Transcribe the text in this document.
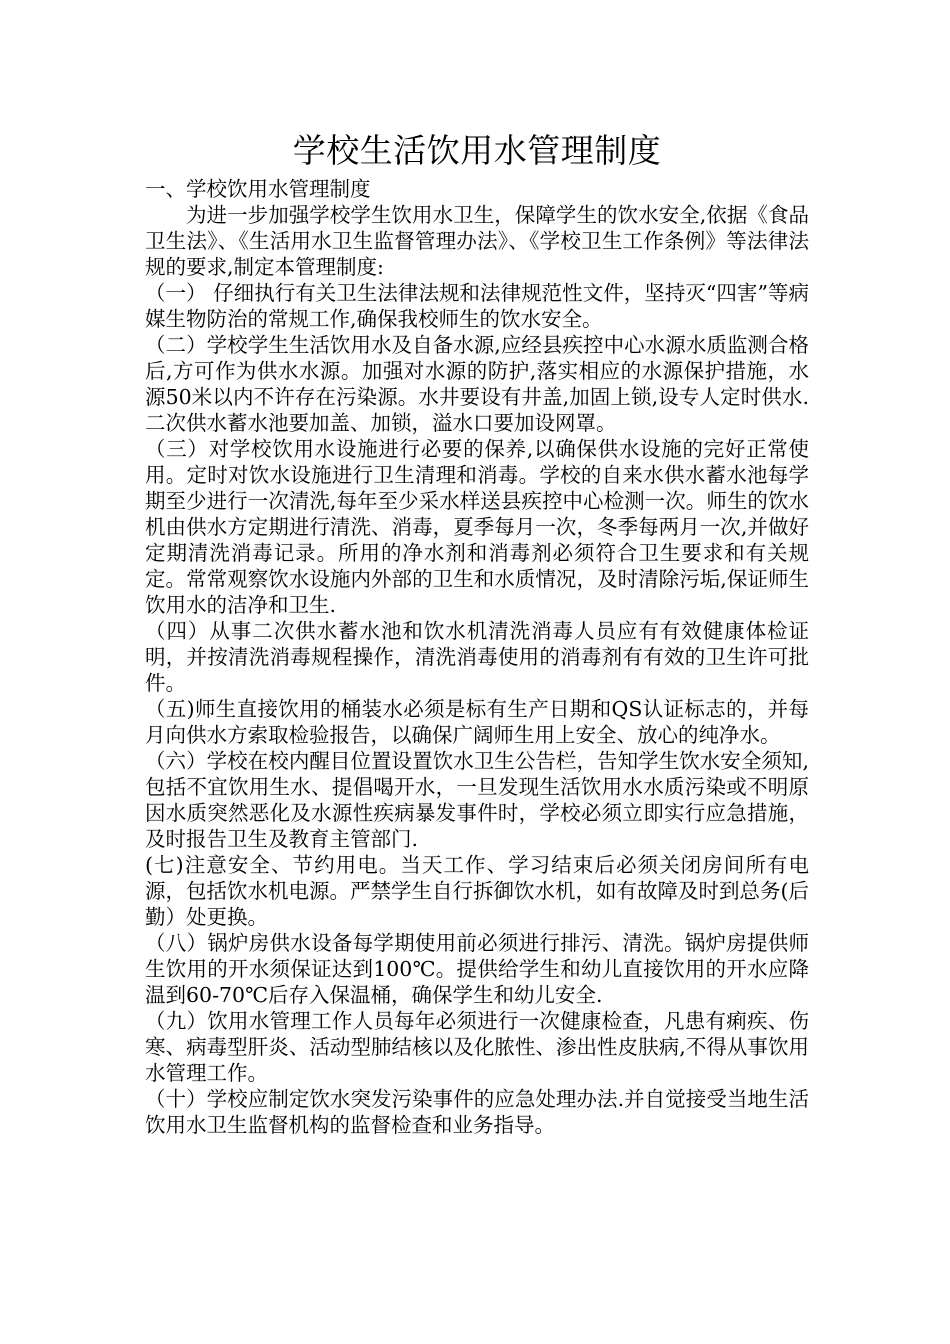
学校生活饮用水管理制度

一、学校饮用水管理制度

为进一步加强学校学生饮用水卫生，保障学生的饮水安全,依据《食品卫生法》、《生活用水卫生监督管理办法》、《学校卫生工作条例》等法律法规的要求,制定本管理制度:

（一） 仔细执行有关卫生法律法规和法律规范性文件，坚持灭“四害”等病媒生物防治的常规工作,确保我校师生的饮水安全。

（二）学校学生生活饮用水及自备水源,应经县疾控中心水源水质监测合格后,方可作为供水水源。加强对水源的防护,落实相应的水源保护措施，水源50米以内不许存在污染源。水井要设有井盖,加固上锁,设专人定时供水.二次供水蓄水池要加盖、加锁，溢水口要加设网罩。

（三）对学校饮用水设施进行必要的保养,以确保供水设施的完好正常使用。定时对饮水设施进行卫生清理和消毒。学校的自来水供水蓄水池每学期至少进行一次清洗,每年至少采水样送县疾控中心检测一次。师生的饮水机由供水方定期进行清洗、消毒，夏季每月一次，冬季每两月一次,并做好定期清洗消毒记录。所用的净水剂和消毒剂必须符合卫生要求和有关规定。常常观察饮水设施内外部的卫生和水质情况，及时清除污垢,保证师生饮用水的洁净和卫生.

（四）从事二次供水蓄水池和饮水机清洗消毒人员应有有效健康体检证明，并按清洗消毒规程操作，清洗消毒使用的消毒剂有有效的卫生许可批件。

（五)师生直接饮用的桶装水必须是标有生产日期和QS认证标志的，并每月向供水方索取检验报告，以确保广阔师生用上安全、放心的纯净水。

（六）学校在校内醒目位置设置饮水卫生公告栏，告知学生饮水安全须知,包括不宜饮用生水、提倡喝开水，一旦发现生活饮用水水质污染或不明原因水质突然恶化及水源性疾病暴发事件时，学校必须立即实行应急措施，及时报告卫生及教育主管部门.

(七)注意安全、节约用电。当天工作、学习结束后必须关闭房间所有电源，包括饮水机电源。严禁学生自行拆御饮水机，如有故障及时到总务(后勤）处更换。

（八）锅炉房供水设备每学期使用前必须进行排污、清洗。锅炉房提供师生饮用的开水须保证达到100℃。提供给学生和幼儿直接饮用的开水应降温到60-70℃后存入保温桶，确保学生和幼儿安全.

（九）饮用水管理工作人员每年必须进行一次健康检查，凡患有痢疾、伤寒、病毒型肝炎、活动型肺结核以及化脓性、渗出性皮肤病,不得从事饮用水管理工作。

（十）学校应制定饮水突发污染事件的应急处理办法.并自觉接受当地生活饮用水卫生监督机构的监督检查和业务指导。
